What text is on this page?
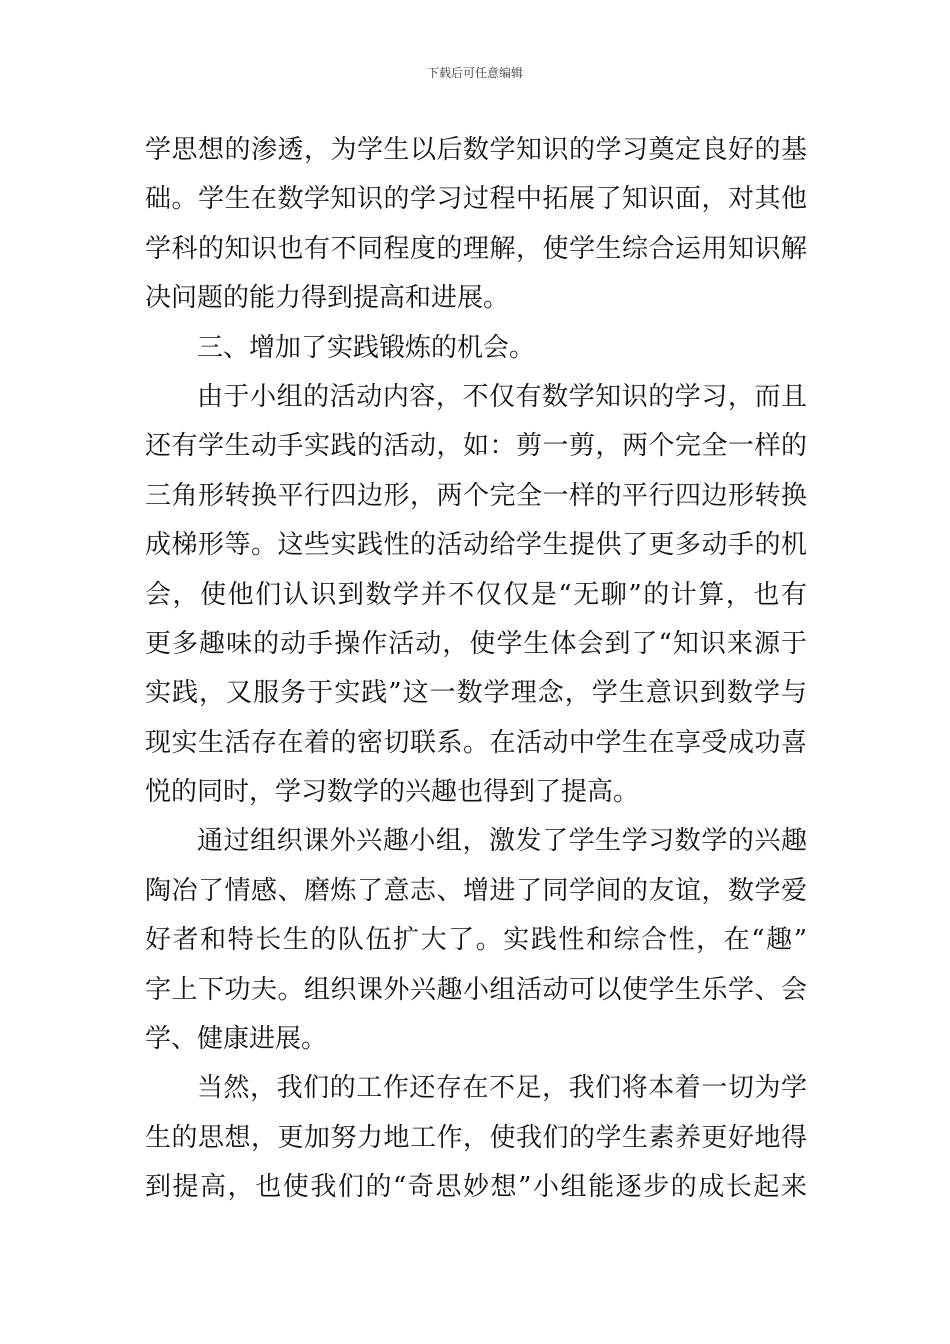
下载后可任意编辑
学思想的渗透，为学生以后数学知识的学习奠定良好的基
础。学生在数学知识的学习过程中拓展了知识面，对其他
学科的知识也有不同程度的理解，使学生综合运用知识解
决问题的能力得到提高和进展。
三、增加了实践锻炼的机会。
由于小组的活动内容，不仅有数学知识的学习，而且
还有学生动手实践的活动，如：剪一剪，两个完全一样的
三角形转换平行四边形，两个完全一样的平行四边形转换
成梯形等。这些实践性的活动给学生提供了更多动手的机
会，使他们认识到数学并不仅仅是“无聊”的计算，也有
更多趣味的动手操作活动，使学生体会到了“知识来源于
实践，又服务于实践”这一数学理念，学生意识到数学与
现实生活存在着的密切联系。在活动中学生在享受成功喜
悦的同时，学习数学的兴趣也得到了提高。
通过组织课外兴趣小组，激发了学生学习数学的兴趣
陶冶了情感、磨炼了意志、增进了同学间的友谊，数学爱
好者和特长生的队伍扩大了。实践性和综合性，在“趣”
字上下功夫。组织课外兴趣小组活动可以使学生乐学、会
学、健康进展。
当然，我们的工作还存在不足，我们将本着一切为学
生的思想，更加努力地工作，使我们的学生素养更好地得
到提高，也使我们的“奇思妙想”小组能逐步的成长起来
